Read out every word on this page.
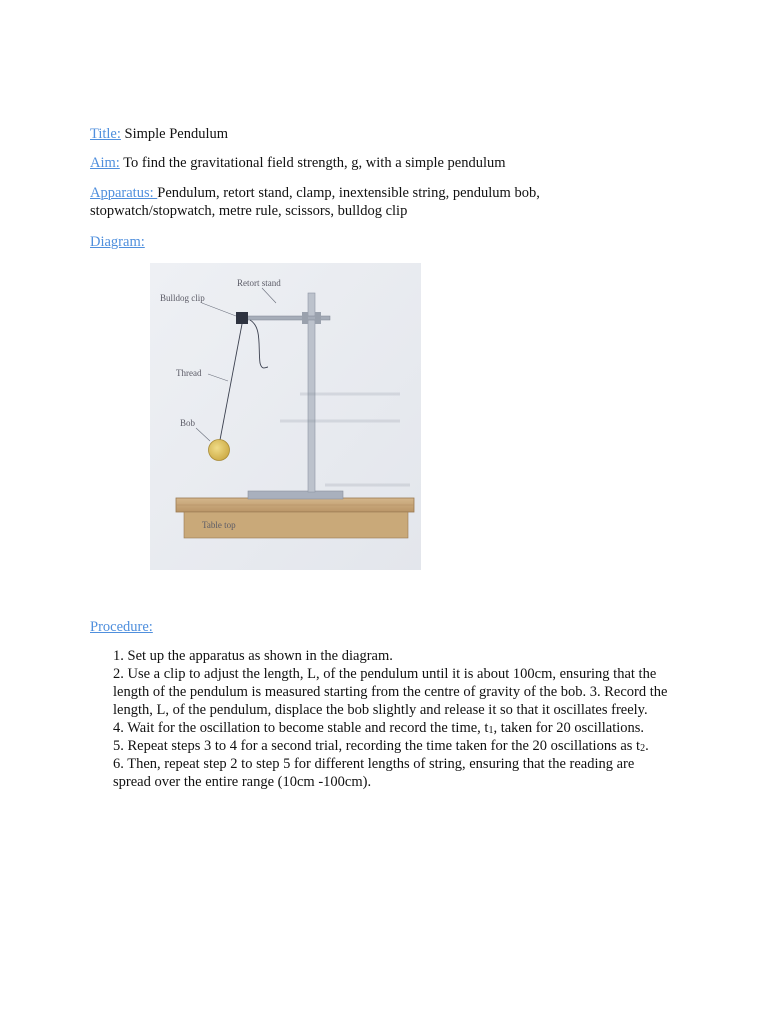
Title: Simple Pendulum
Aim: To find the gravitational field strength, g, with a simple pendulum
Apparatus: Pendulum, retort stand, clamp, inextensible string, pendulum bob, stopwatch/stopwatch, metre rule, scissors, bulldog clip
Diagram:
Retort stand
Bulldog clip
Thread
Bob
Table top
Procedure:

1. Set up the apparatus as shown in the diagram.

2. Use a clip to adjust the length, L, of the pendulum until it is about 100cm, ensuring that the length of the pendulum is measured starting from the centre of gravity of the bob. 3. Record the length, L, of the pendulum, displace the bob slightly and release it so that it oscillates freely.

4. Wait for the oscillation to become stable and record the time, $t_1$, taken for 20 oscillations.

5. Repeat steps 3 to 4 for a second trial, recording the time taken for the 20 oscillations as $t_2$.

6. Then, repeat step 2 to step 5 for different lengths of string, ensuring that the reading are spread over the entire range (10cm -100cm).
